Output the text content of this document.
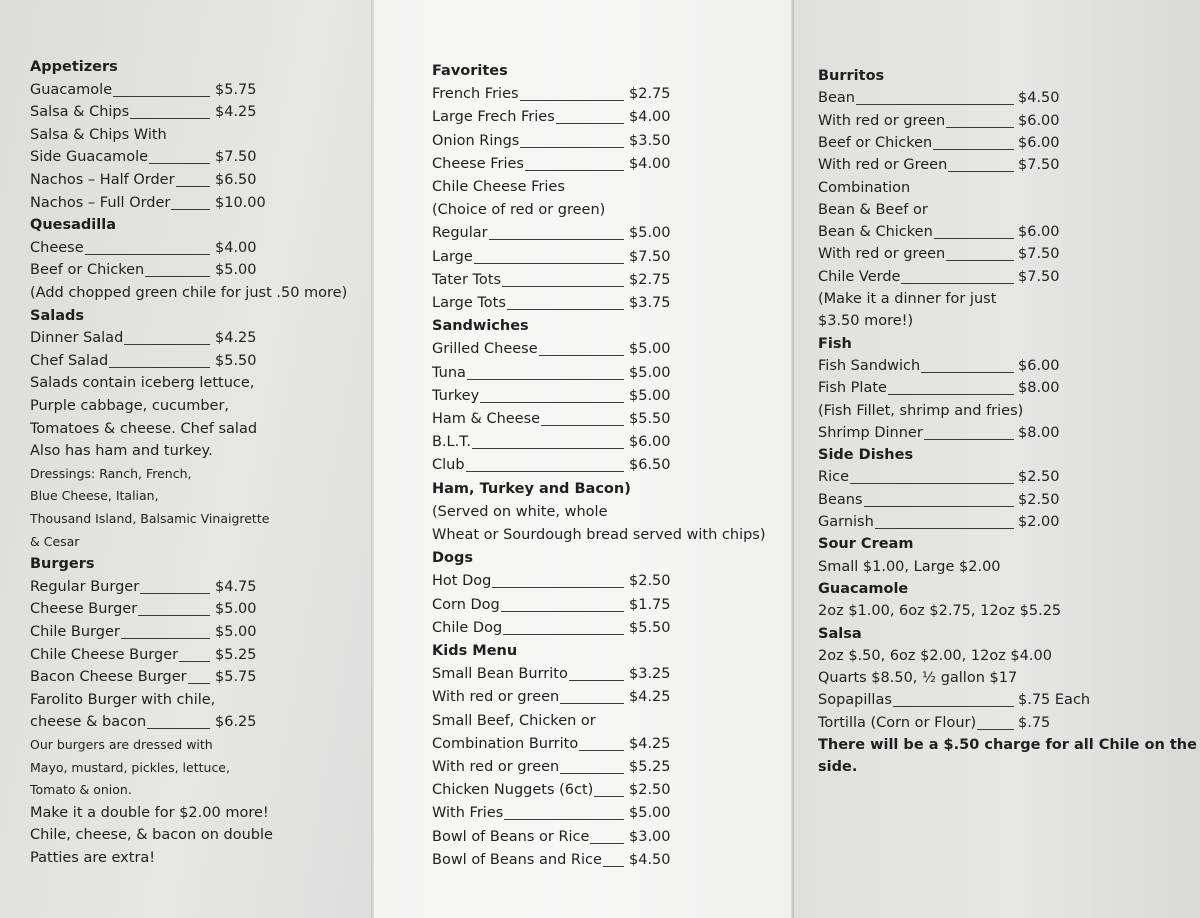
Appetizers
Guacamole	$5.75
Salsa & Chips	$4.25
Salsa & Chips With
Side Guacamole	$7.50
Nachos – Half Order	$6.50
Nachos – Full Order	$10.00
Quesadilla
Cheese	$4.00
Beef or Chicken	$5.00
(Add chopped green chile for just .50 more)
Salads
Dinner Salad	$4.25
Chef Salad	$5.50
Salads contain iceberg lettuce,
Purple cabbage, cucumber,
Tomatoes & cheese. Chef salad
Also has ham and turkey.
Dressings: Ranch, French,
Blue Cheese, Italian,
Thousand Island, Balsamic Vinaigrette
& Cesar
Burgers
Regular Burger	$4.75
Cheese Burger	$5.00
Chile Burger	$5.00
Chile Cheese Burger	$5.25
Bacon Cheese Burger $5.75
Farolito Burger with chile,
cheese & bacon	$6.25
Our burgers are dressed with
Mayo, mustard, pickles, lettuce,
Tomato & onion.
Make it a double for $2.00 more!
Chile, cheese, & bacon on double
Patties are extra!
Favorites
French Fries	$2.75
Large Frech Fries	$4.00
Onion Rings	$3.50
Cheese Fries	$4.00
Chile Cheese Fries
(Choice of red or green)
Regular	$5.00
Large	$7.50
Tater Tots	$2.75
Large Tots	$3.75
Sandwiches
Grilled Cheese	$5.00
Tuna	$5.00
Turkey	$5.00
Ham & Cheese	$5.50
B.L.T.	$6.00
Club	$6.50
Ham, Turkey and Bacon)
(Served on white, whole
Wheat or Sourdough bread served with chips)
Dogs
Hot Dog	$2.50
Corn Dog	$1.75
Chile Dog	$5.50
Kids Menu
Small Bean Burrito	$3.25
With red or green	$4.25
Small Beef, Chicken or
Combination Burrito	$4.25
With red or green	$5.25
Chicken Nuggets (6ct) $2.50
With Fries	$5.00
Bowl of Beans or Rice	$3.00
Bowl of Beans and Rice $4.50
Burritos
Bean	$4.50
With red or green	$6.00
Beef or Chicken	$6.00
With red or Green	$7.50
Combination
Bean & Beef or
Bean & Chicken	$6.00
With red or green	$7.50
Chile Verde	$7.50
(Make it a dinner for just
$3.50 more!)
Fish
Fish Sandwich	$6.00
Fish Plate	$8.00
(Fish Fillet, shrimp and fries)
Shrimp Dinner	$8.00
Side Dishes
Rice	$2.50
Beans	$2.50
Garnish	$2.00
Sour Cream
Small $1.00, Large $2.00
Guacamole
2oz $1.00, 6oz $2.75, 12oz $5.25
Salsa
2oz $.50, 6oz $2.00, 12oz $4.00
Quarts $8.50, ½ gallon $17
Sopapillas	$.75 Each
Tortilla (Corn or Flour)	$.75
There will be a $.50 charge for all Chile on the
side.
